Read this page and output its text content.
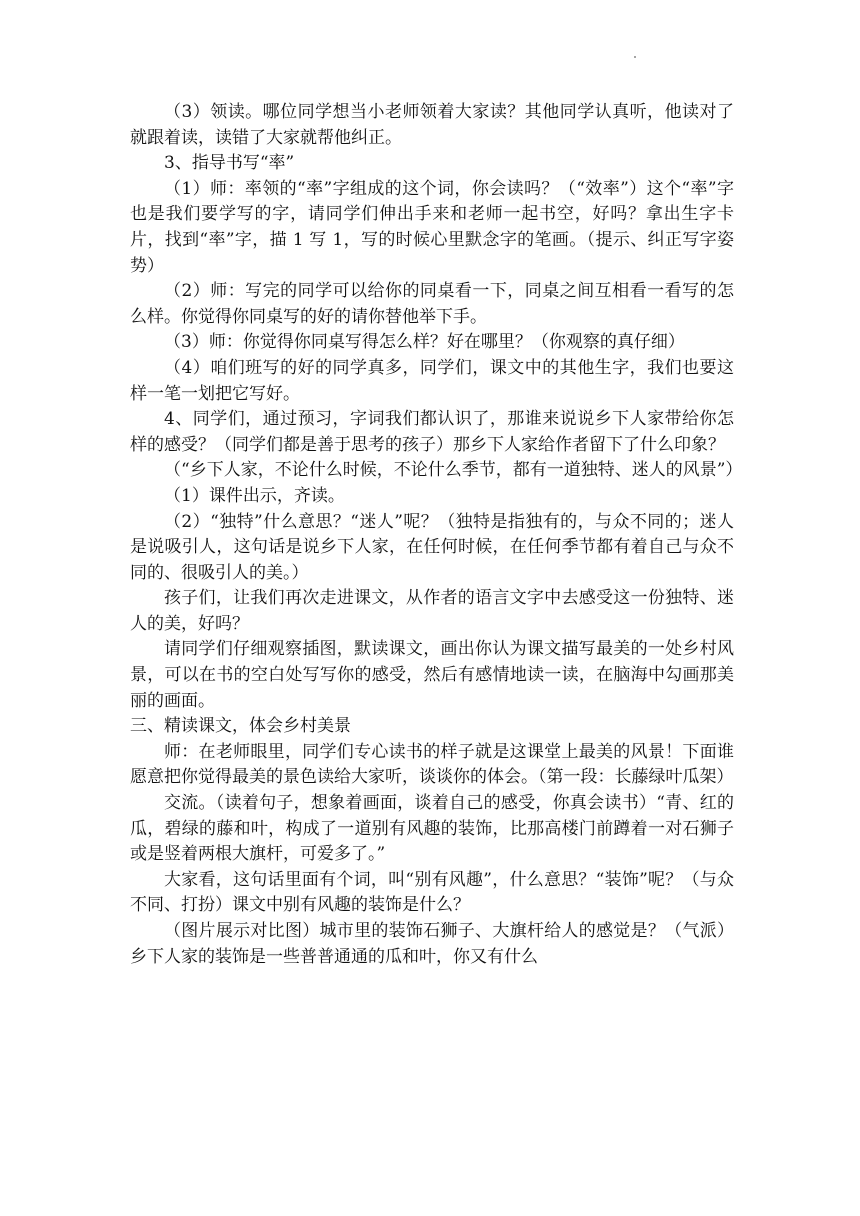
（3）领读。哪位同学想当小老师领着大家读？其他同学认真听，他读对了就跟着读，读错了大家就帮他纠正。

3、指导书写“率”

（1）师：率领的“率”字组成的这个词，你会读吗？（“效率”）这个“率”字也是我们要学写的字，请同学们伸出手来和老师一起书空，好吗？拿出生字卡片，找到“率”字，描 1 写 1，写的时候心里默念字的笔画。（提示、纠正写字姿势）

（2）师：写完的同学可以给你的同桌看一下，同桌之间互相看一看写的怎么样。你觉得你同桌写的好的请你替他举下手。

（3）师：你觉得你同桌写得怎么样？好在哪里？（你观察的真仔细）

（4）咱们班写的好的同学真多，同学们，课文中的其他生字，我们也要这样一笔一划把它写好。

4、同学们，通过预习，字词我们都认识了，那谁来说说乡下人家带给你怎样的感受？（同学们都是善于思考的孩子）那乡下人家给作者留下了什么印象？

（“乡下人家，不论什么时候，不论什么季节，都有一道独特、迷人的风景”）

（1）课件出示，齐读。

（2）“独特”什么意思？“迷人”呢？（独特是指独有的，与众不同的；迷人是说吸引人，这句话是说乡下人家，在任何时候，在任何季节都有着自己与众不同的、很吸引人的美。）

孩子们，让我们再次走进课文，从作者的语言文字中去感受这一份独特、迷人的美，好吗？

请同学们仔细观察插图，默读课文，画出你认为课文描写最美的一处乡村风景，可以在书的空白处写写你的感受，然后有感情地读一读，在脑海中勾画那美丽的画面。

三、精读课文，体会乡村美景

师：在老师眼里，同学们专心读书的样子就是这课堂上最美的风景！下面谁愿意把你觉得最美的景色读给大家听，谈谈你的体会。（第一段：长藤绿叶瓜架）

交流。（读着句子，想象着画面，谈着自己的感受，你真会读书）“青、红的瓜，碧绿的藤和叶，构成了一道别有风趣的装饰，比那高楼门前蹲着一对石狮子或是竖着两根大旗杆，可爱多了。”

大家看，这句话里面有个词，叫“别有风趣”，什么意思？“装饰”呢？（与众不同、打扮）课文中别有风趣的装饰是什么？

（图片展示对比图）城市里的装饰石狮子、大旗杆给人的感觉是？（气派）乡下人家的装饰是一些普普通通的瓜和叶，你又有什么
